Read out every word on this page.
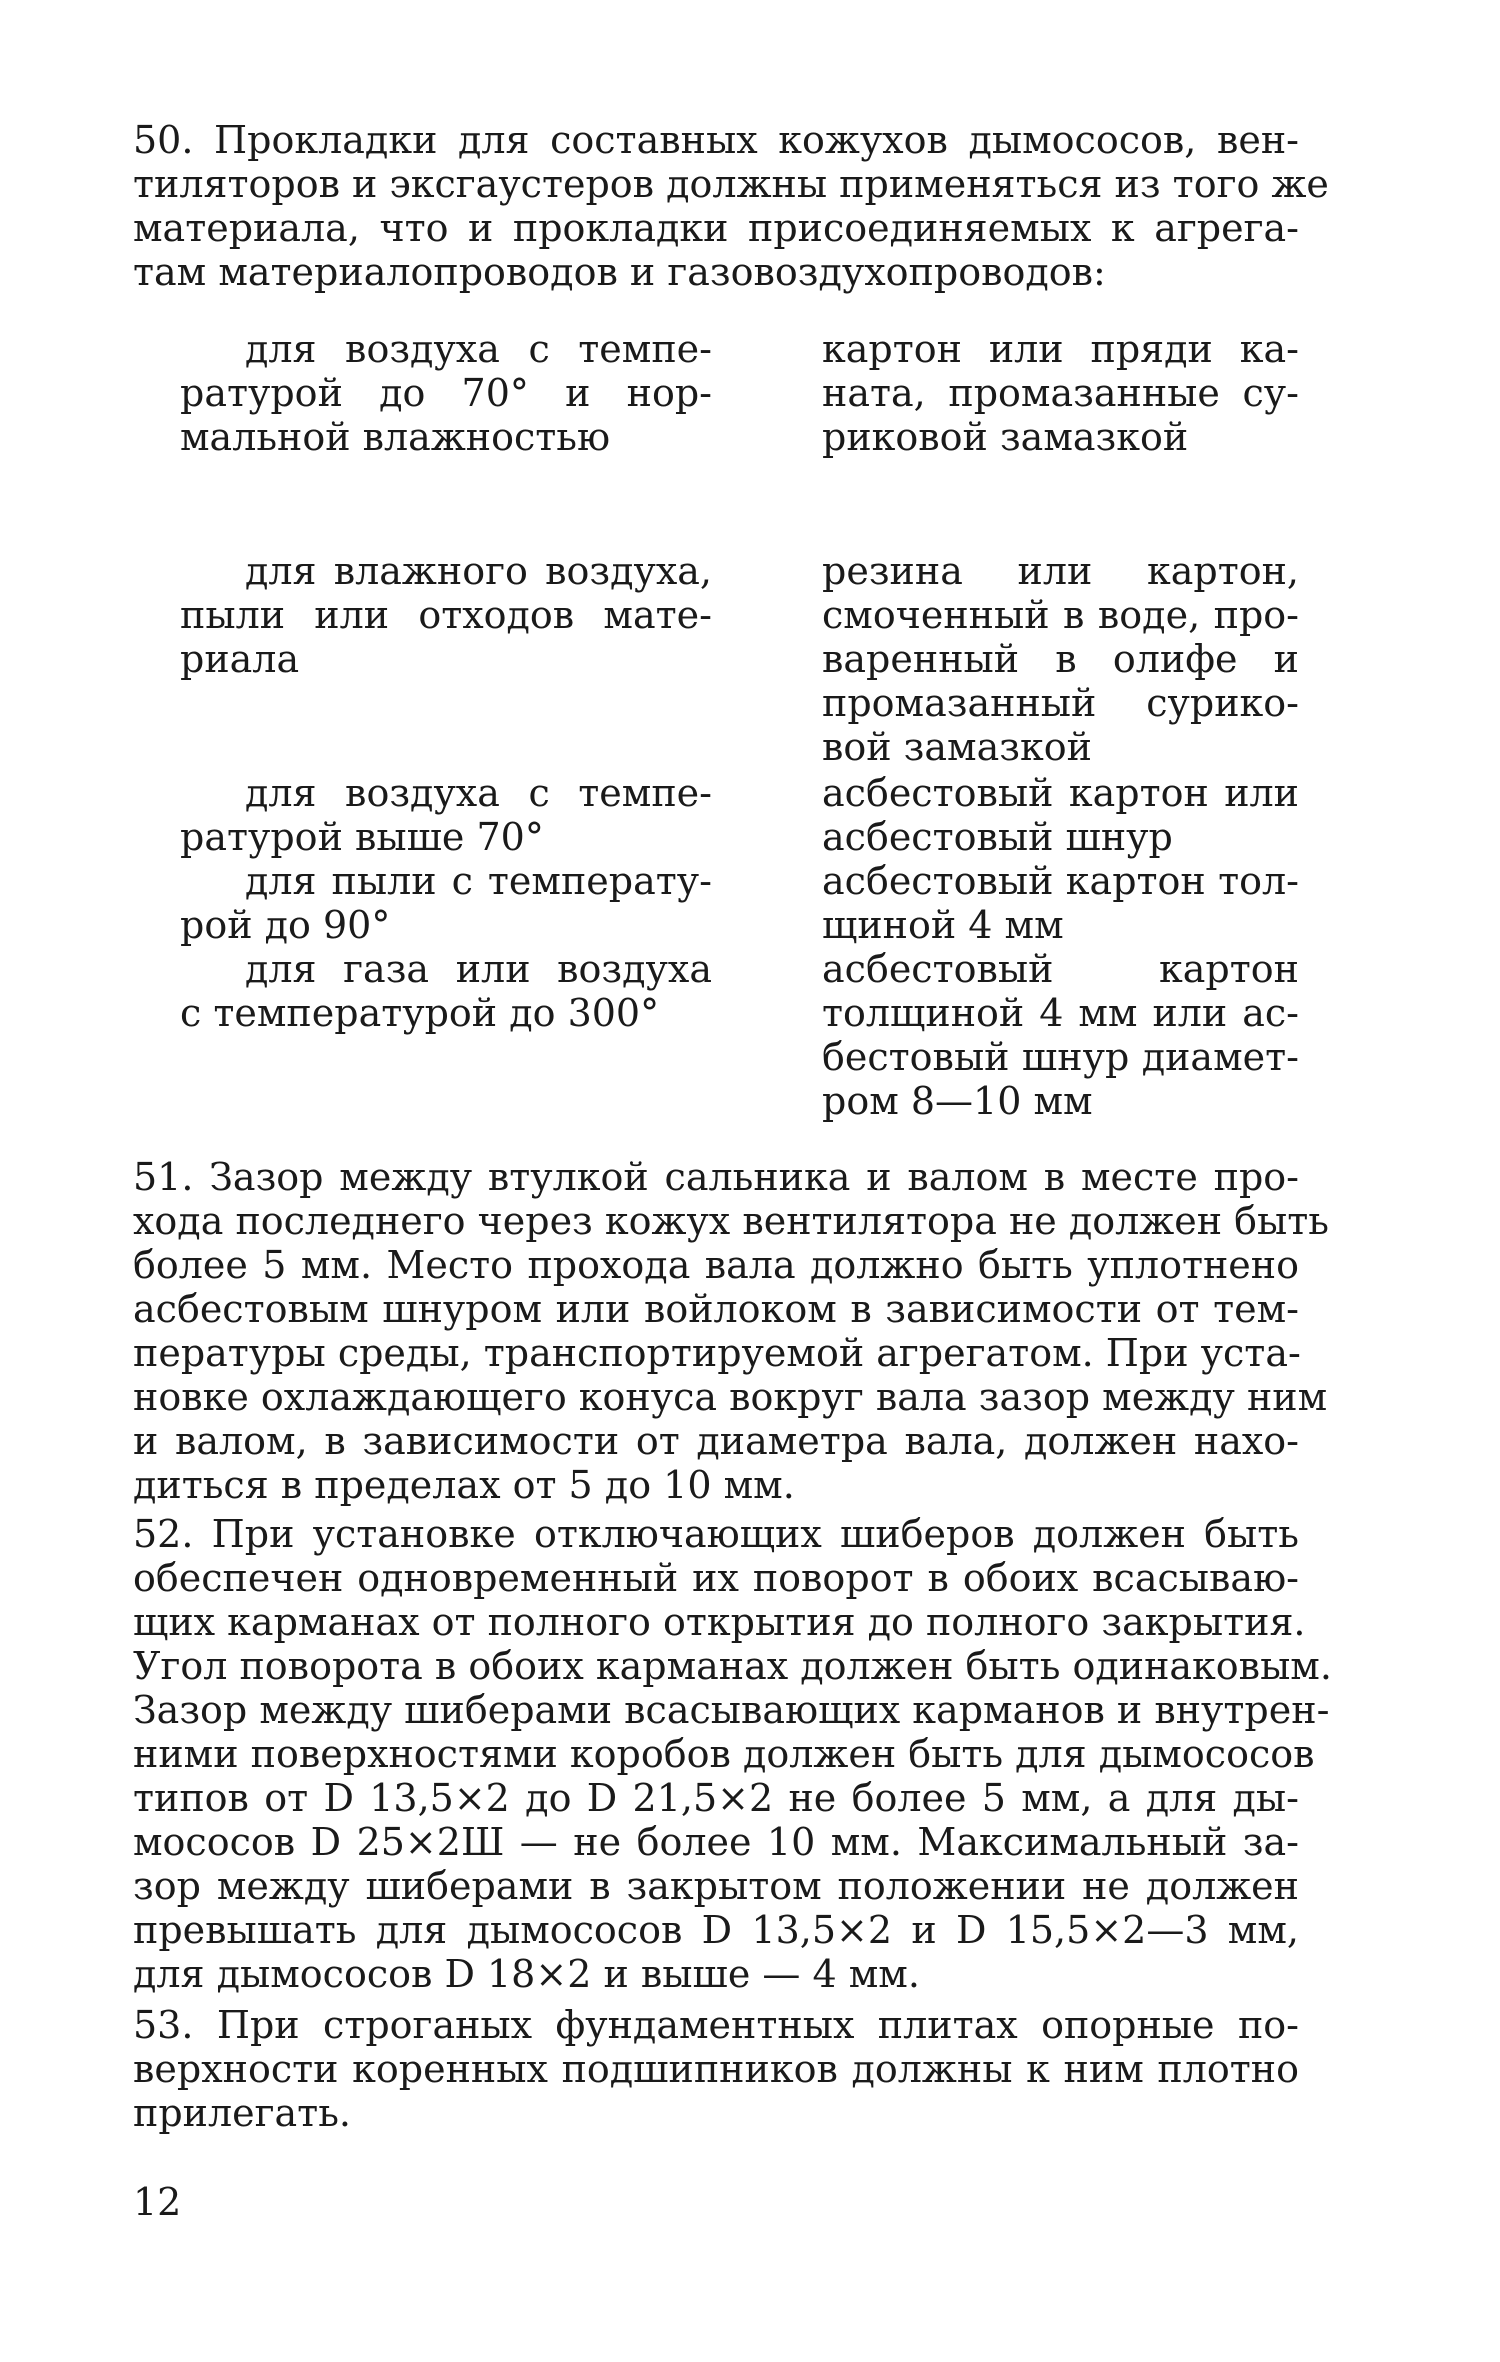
50. Прокладки для составных кожухов дымососов, вен-
тиляторов и эксгаустеров должны применяться из того же
материала, что и прокладки присоединяемых к агрега-
там материалопроводов и газовоздухопроводов:
для воздуха с темпе-
ратурой до 70° и нор-
мальной влажностью
картон или пряди ка-
ната, промазанные су-
риковой замазкой
для влажного воздуха,
пыли или отходов мате-
риала
резина или картон,
смоченный в воде, про-
варенный в олифе и
промазанный сурико-
вой замазкой
для воздуха с темпе-
ратурой выше 70°
асбестовый картон или
асбестовый шнур
для пыли с температу-
рой до 90°
асбестовый картон тол-
щиной 4 мм
для газа или воздуха
с температурой до 300°
асбестовый картон
толщиной 4 мм или ас-
бестовый шнур диамет-
ром 8—10 мм
51. Зазор между втулкой сальника и валом в месте про-
хода последнего через кожух вентилятора не должен быть
более 5 мм. Место прохода вала должно быть уплотнено
асбестовым шнуром или войлоком в зависимости от тем-
пературы среды, транспортируемой агрегатом. При уста-
новке охлаждающего конуса вокруг вала зазор между ним
и валом, в зависимости от диаметра вала, должен нахо-
диться в пределах от 5 до 10 мм.
52. При установке отключающих шиберов должен быть
обеспечен одновременный их поворот в обоих всасываю-
щих карманах от полного открытия до полного закрытия.
Угол поворота в обоих карманах должен быть одинаковым.
Зазор между шиберами всасывающих карманов и внутрен-
ними поверхностями коробов должен быть для дымососов
типов от D 13,5×2 до D 21,5×2 не более 5 мм, а для ды-
мососов D 25×2Ш — не более 10 мм. Максимальный за-
зор между шиберами в закрытом положении не должен
превышать для дымососов D 13,5×2 и D 15,5×2—3 мм,
для дымососов D 18×2 и выше — 4 мм.
53. При строганых фундаментных плитах опорные по-
верхности коренных подшипников должны к ним плотно
прилегать.
12
